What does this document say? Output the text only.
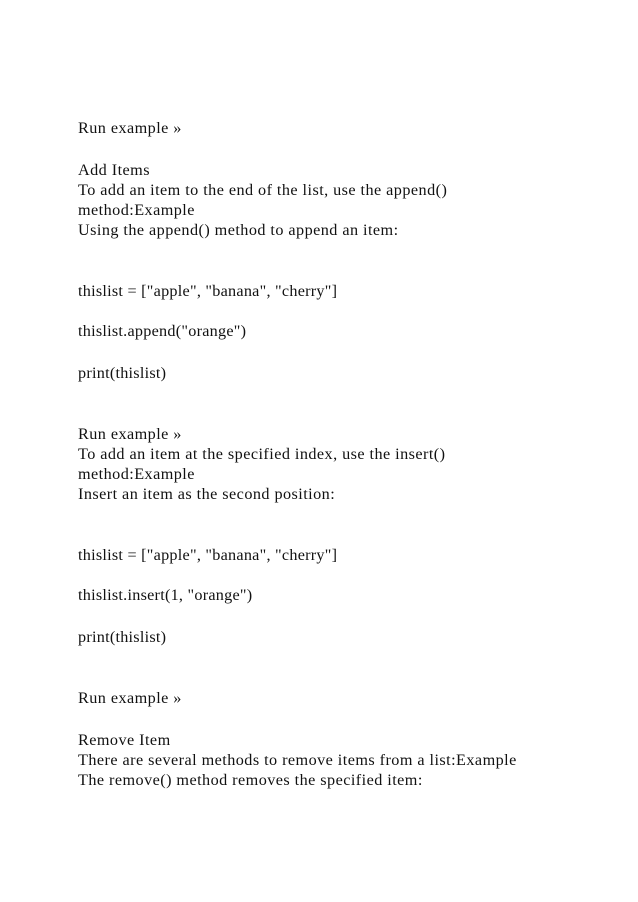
Run example »
Add Items
To add an item to the end of the list, use the append()
method:Example
Using the append() method to append an item:
thislist = ["apple", "banana", "cherry"]
thislist.append("orange")
print(thislist)
Run example »
To add an item at the specified index, use the insert()
method:Example
Insert an item as the second position:
thislist = ["apple", "banana", "cherry"]
thislist.insert(1, "orange")
print(thislist)
Run example »
Remove Item
There are several methods to remove items from a list:Example
The remove() method removes the specified item:
